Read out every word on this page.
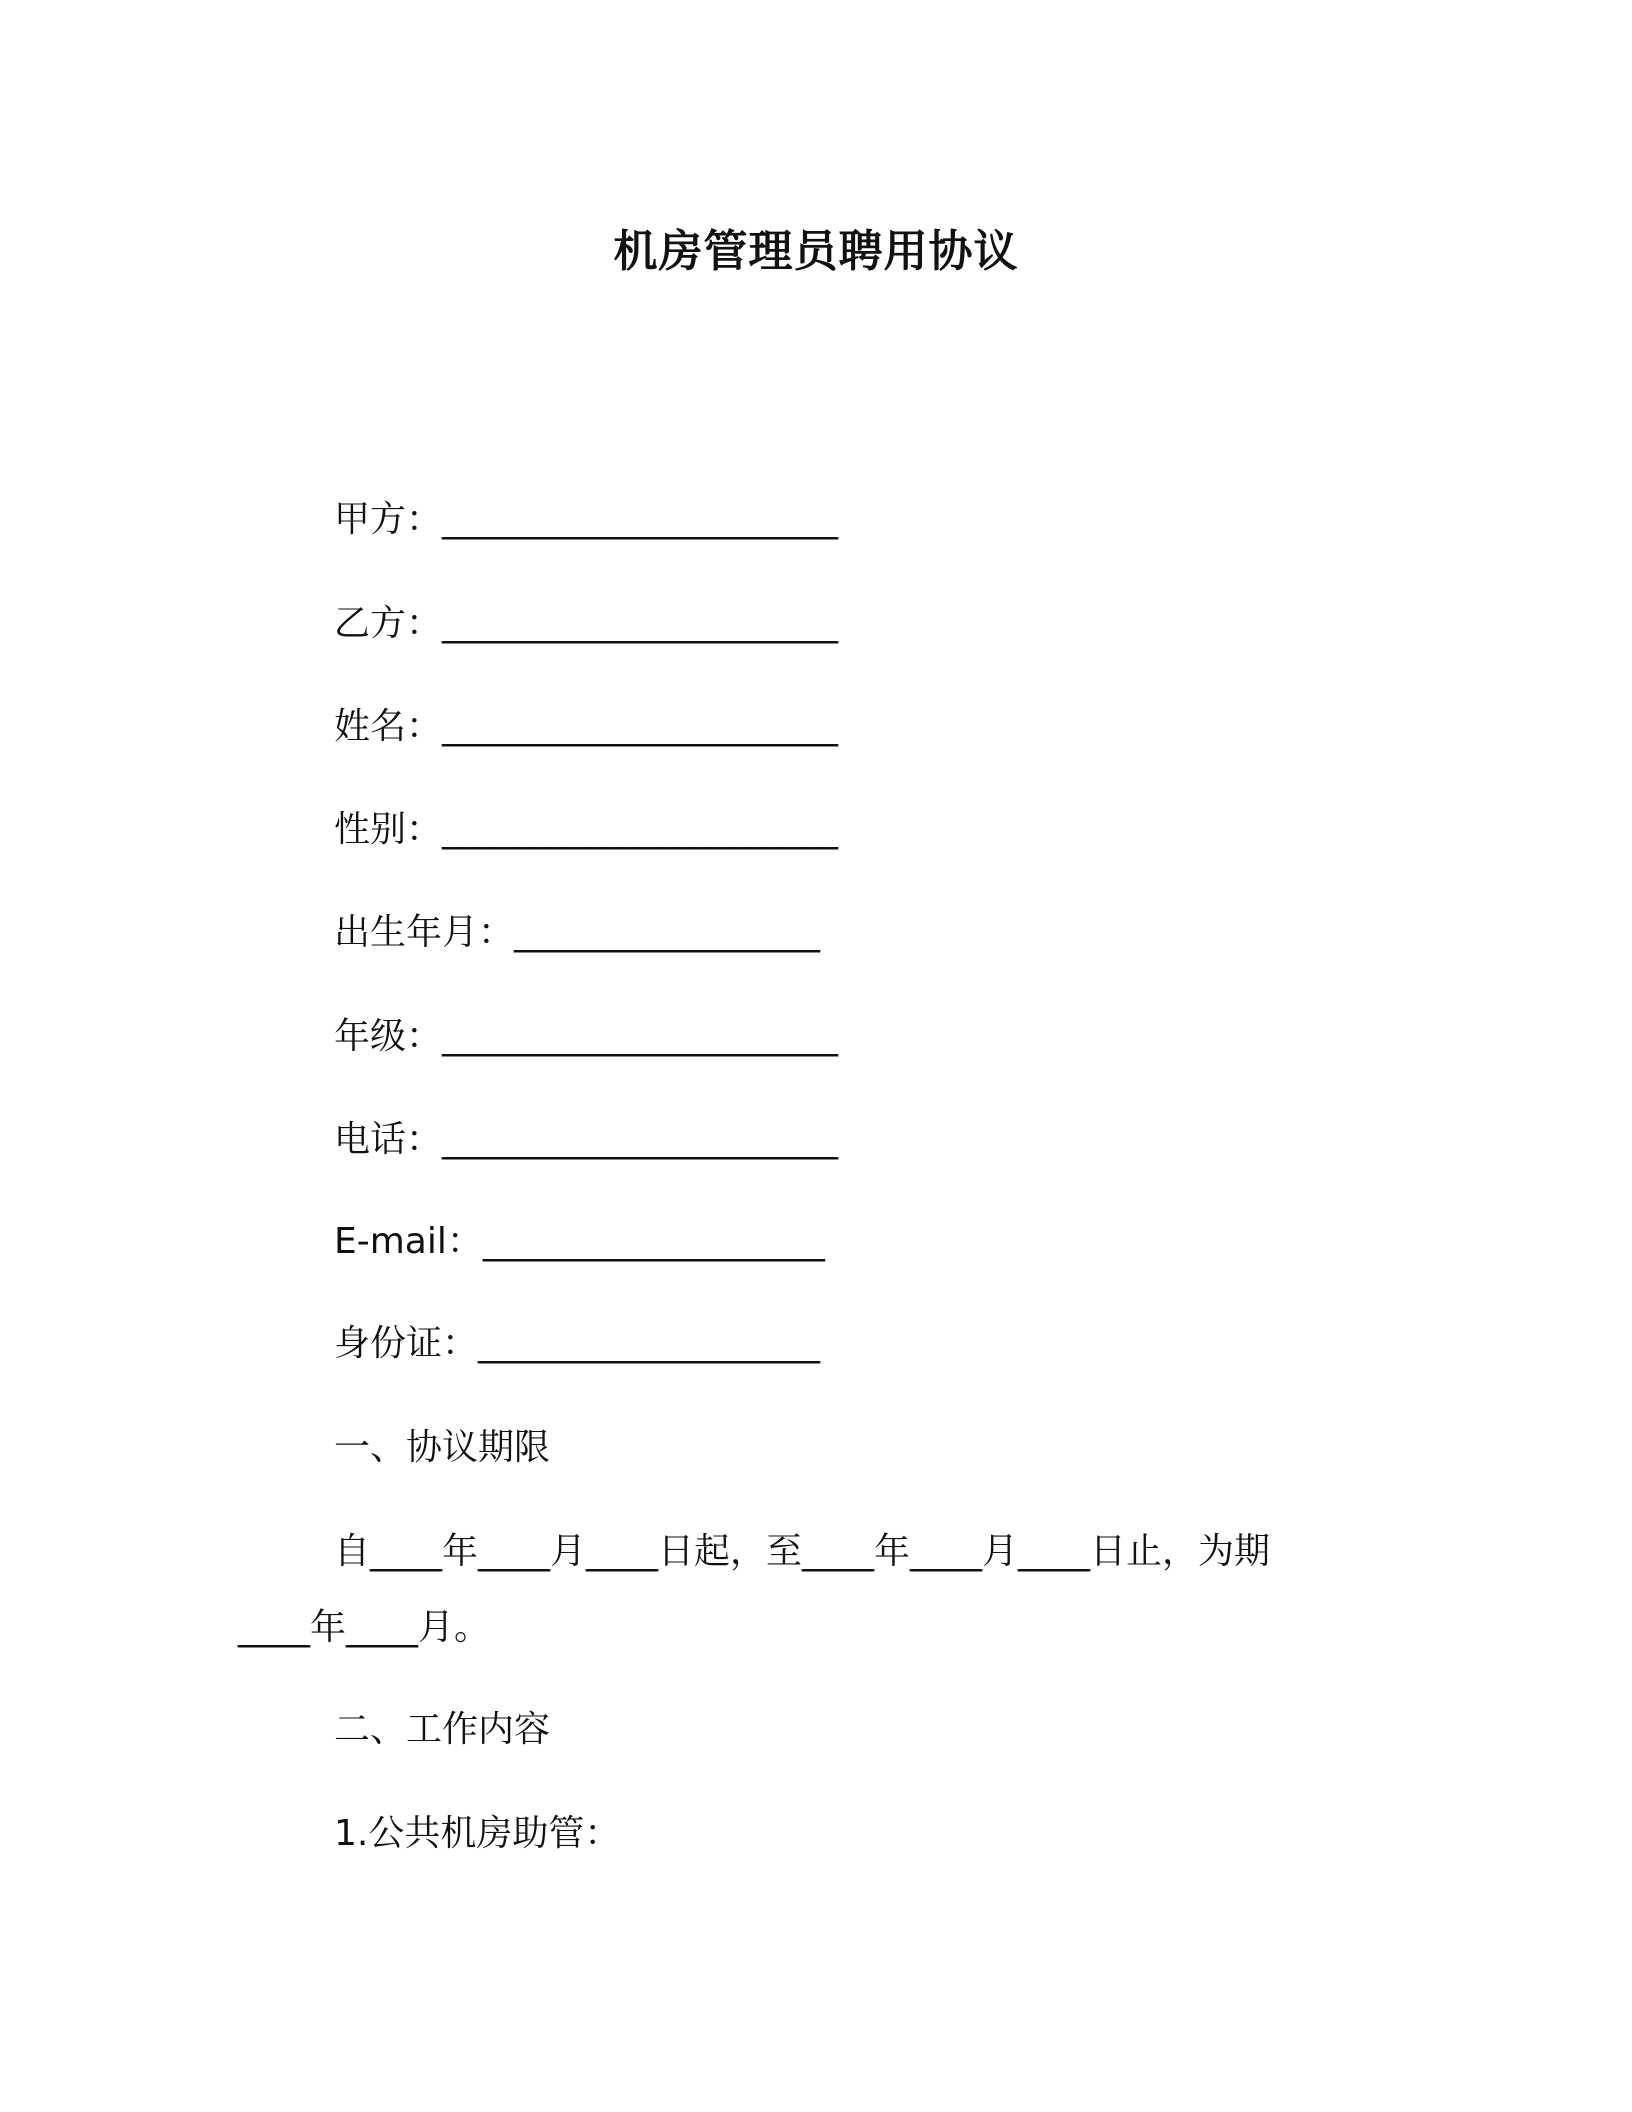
机房管理员聘用协议
甲方：______________________
乙方：______________________
姓名：______________________
性别：______________________
出生年月：_________________
年级：______________________
电话：______________________
E-mail：___________________
身份证：___________________
一、协议期限
自____年____月____日起，至____年____月____日止，为期
____年____月。
二、工作内容
1.公共机房助管：
